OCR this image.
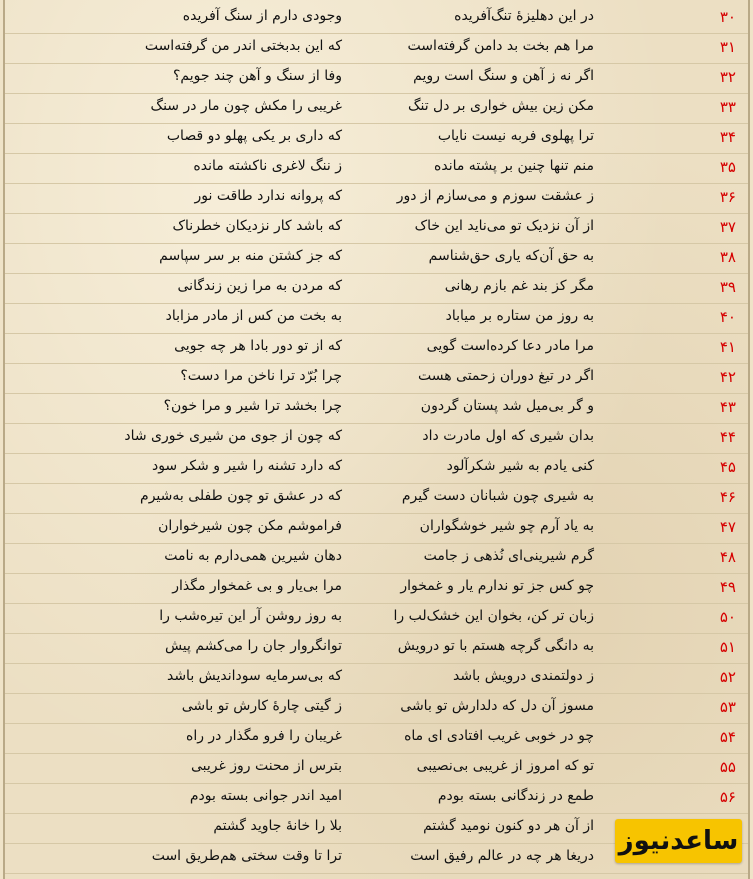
۳۰
در این دهلیزهٔ تنگ‌آفریده
وجودی دارم از سنگ آفریده
۳۱
مرا هم بخت بد دامن گرفته‌است
که این بدبختی اندر من گرفته‌است
۳۲
اگر نه ز آهن و سنگ است رویم
وفا از سنگ و آهن چند جویم؟
۳۳
مکن زین بیش خواری بر دل تنگ
غریبی را مکش چون مار در سنگ
۳۴
ترا پهلوی فربه نیست نایاب
که داری بر یکی پهلو دو قصاب
۳۵
منم تنها چنین بر پشته مانده
ز ننگ لاغری ناکشته مانده
۳۶
ز عشقت سوزم و می‌سازم از دور
که پروانه ندارد طاقت نور
۳۷
از آن نزدیک تو می‌ناید این خاک
که باشد کار نزدیکان خطرناک
۳۸
به حق آن‌که یاری حق‌شناسم
که جز کشتن منه بر سر سپاسم
۳۹
مگر کز بند غم بازم رهانی
که مردن به مرا زین زندگانی
۴۰
به روز من ستاره بر میاباد
به بخت من کس از مادر مزاباد
۴۱
مرا مادر دعا کرده‌است گویی
که از تو دور بادا هر چه جویی
۴۲
اگر در تیغ دوران زحمتی هست
چرا بُرّد ترا ناخن مرا دست؟
۴۳
و گر بی‌میل شد پستان گردون
چرا بخشد ترا شیر و مرا خون؟
۴۴
بدان شیری که اول مادرت داد
که چون از جوی من شیری خوری شاد
۴۵
کنی یادم به شیر شکرآلود
که دارد تشنه را شیر و شکر سود
۴۶
به شیری چون شبانان دست گیرم
که در عشق تو چون طفلی به‌شیرم
۴۷
به یاد آرم چو شیر خوشگواران
فراموشم مکن چون شیرخواران
۴۸
گرم شیرینی‌ای نُذهی ز جامت
دهان شیرین همی‌دارم به نامت
۴۹
چو کس جز تو ندارم یار و غمخوار
مرا بی‌یار و بی غمخوار مگذار
۵۰
زبان تر کن، بخوان این خشک‌لب را
به روز روشن آر این تیره‌شب را
۵۱
به دانگی گرچه هستم با تو درویش
توانگروار جان را می‌کشم پیش
۵۲
ز دولتمندی درویش باشد
که بی‌سرمایه سوداندیش باشد
۵۳
مسوز آن دل که دلدارش تو باشی
ز گیتی چارهٔ کارش تو باشی
۵۴
چو در خوبی غریب افتادی ای ماه
غریبان را فرو مگذار در راه
۵۵
تو که امروز از غریبی بی‌نصیبی
بترس از محنت روز غریبی
۵۶
طمع در زندگانی بسته بودم
امید اندر جوانی بسته بودم
از آن هر دو کنون نومید گشتم
بلا را خانهٔ جاوید گشتم
دریغا هر چه در عالم رفیق است
ترا تا وقت سختی هم‌طریق است	ساعدنیوز
